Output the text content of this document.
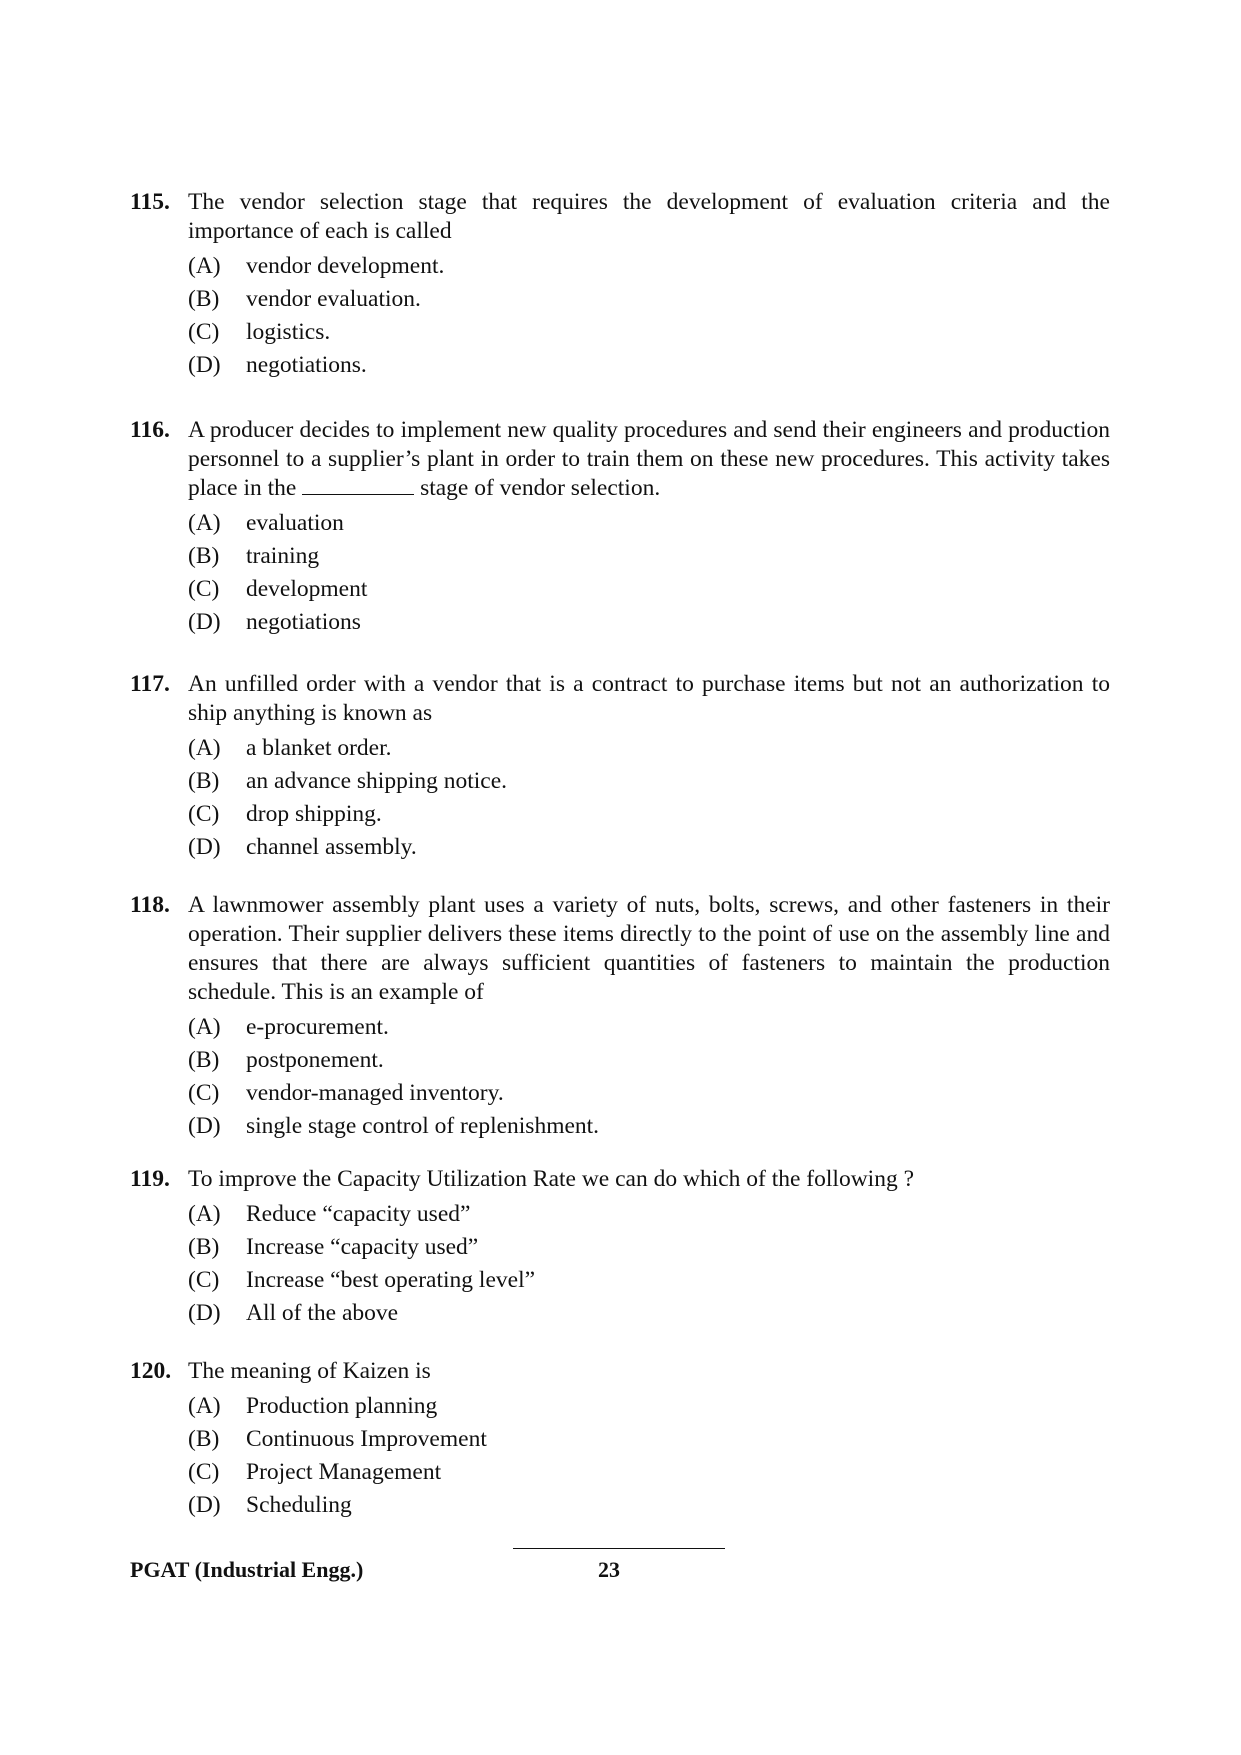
115. The vendor selection stage that requires the development of evaluation criteria and the importance of each is called
(A)	vendor development.
(B)	vendor evaluation.
(C)	logistics.
(D)	negotiations.
116. A producer decides to implement new quality procedures and send their engineers and production personnel to a supplier’s plant in order to train them on these new procedures. This activity takes place in the	stage of vendor selection.
(A)	evaluation
(B)	training
(C)	development
(D)	negotiations
117. An unfilled order with a vendor that is a contract to purchase items but not an authorization to ship anything is known as
(A)	a blanket order.
(B)	an advance shipping notice.
(C)	drop shipping.
(D)	channel assembly.
118. A lawnmower assembly plant uses a variety of nuts, bolts, screws, and other fasteners in their operation. Their supplier delivers these items directly to the point of use on the assembly line and ensures that there are always sufficient quantities of fasteners to maintain the production schedule. This is an example of
(A)	e-procurement.
(B)	postponement.
(C)	vendor-managed inventory.
(D)	single stage control of replenishment.
119. To improve the Capacity Utilization Rate we can do which of the following ?
(A)	Reduce “capacity used”
(B)	Increase “capacity used”
(C)	Increase “best operating level”
(D)	All of the above
120. The meaning of Kaizen is
(A)	Production planning
(B)	Continuous Improvement
(C)	Project Management
(D)	Scheduling
PGAT (Industrial Engg.)	23
